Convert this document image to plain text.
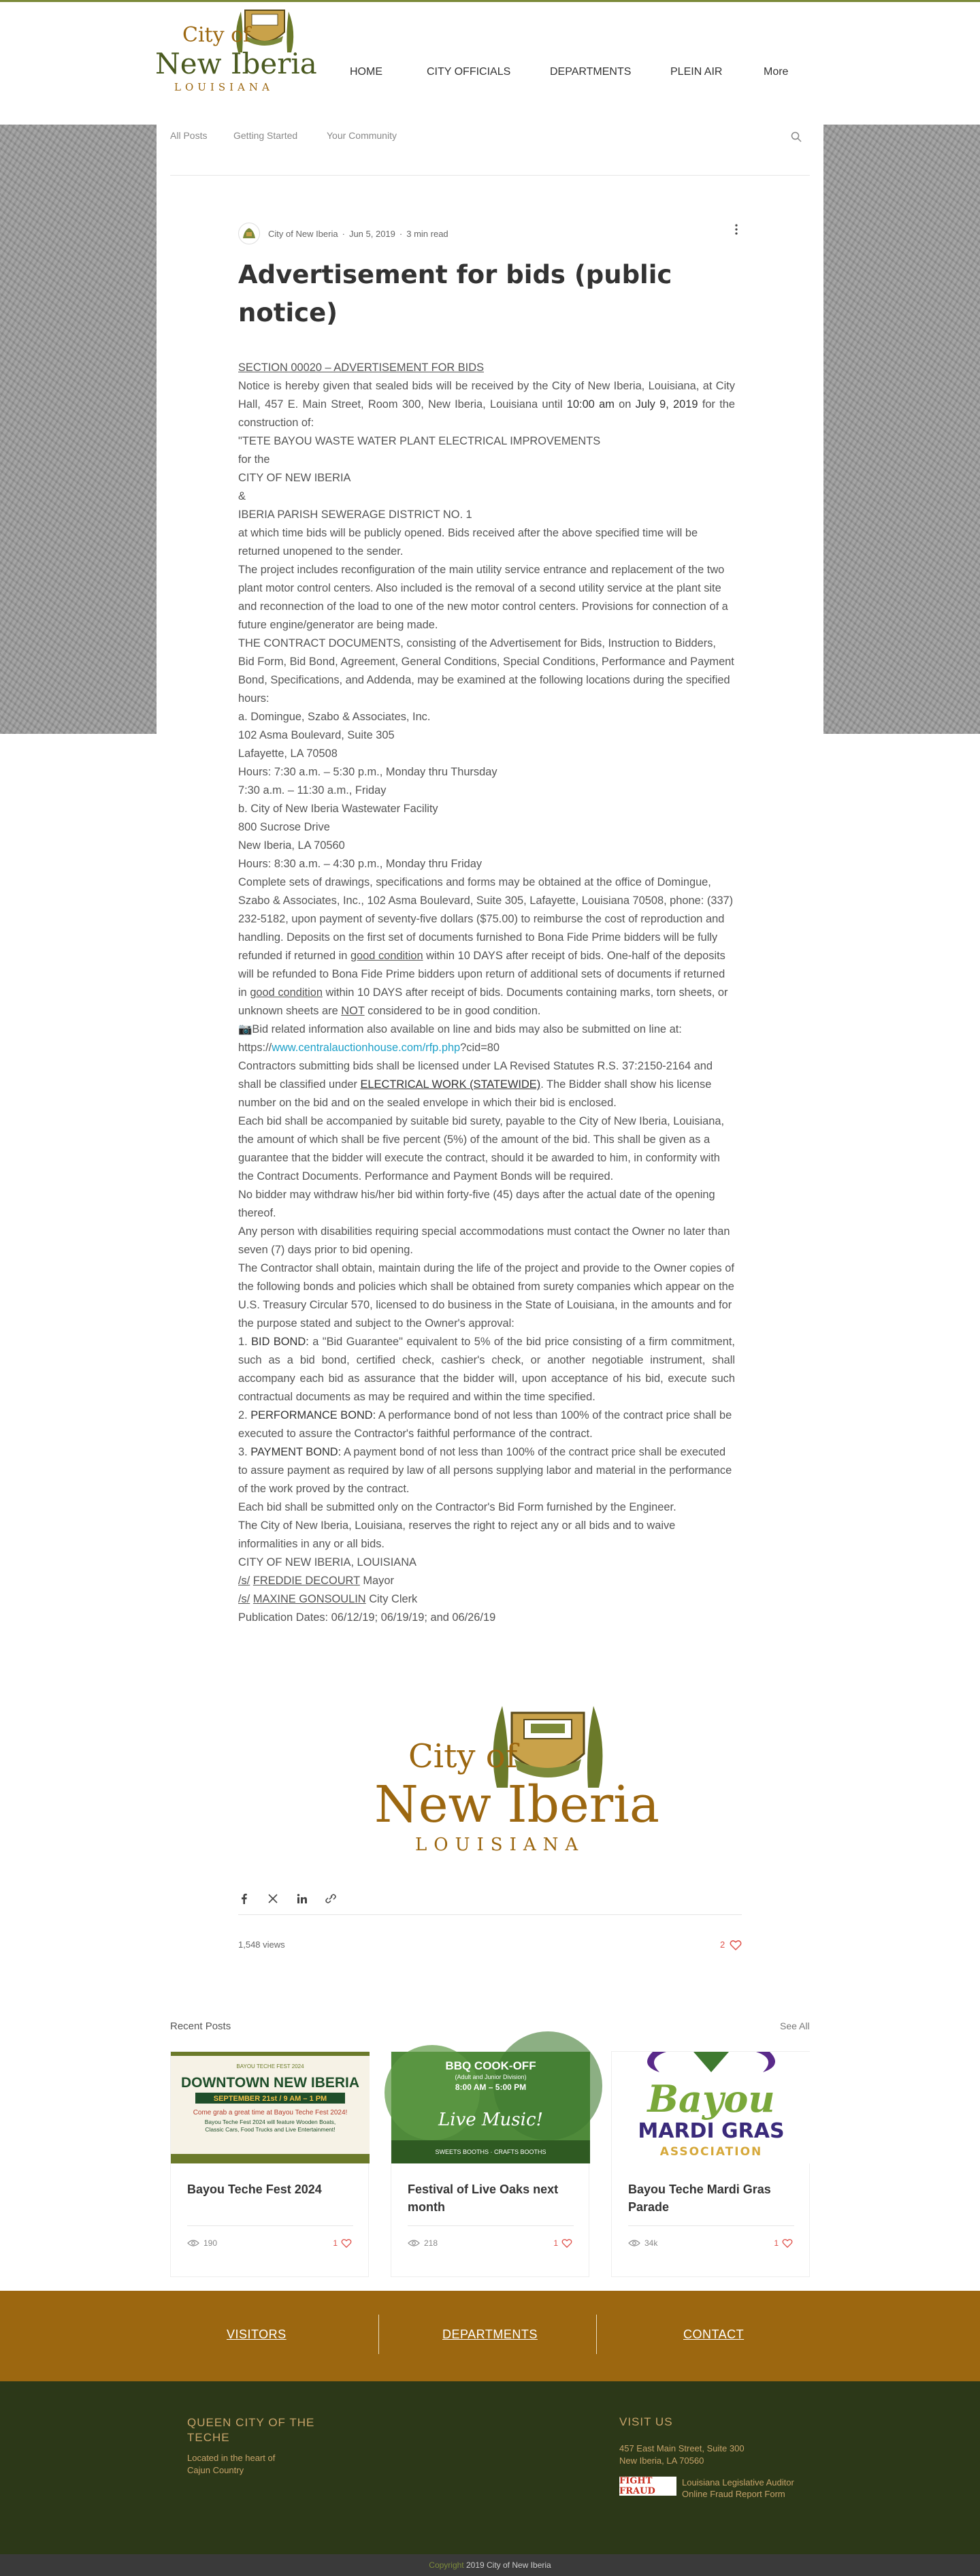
City of
New Iberia
LOUISIANA
HOME	CITY OFFICIALS	DEPARTMENTS	PLEIN AIR	More
All Posts	Getting Started	Your Community
City of New Iberia · Jun 5, 2019 · 3 min read
Advertisement for bids (public notice)

SECTION 00020 – ADVERTISEMENT FOR BIDS

Notice is hereby given that sealed bids will be received by the City of New Iberia, Louisiana, at City Hall, 457 E. Main Street, Room 300, New Iberia, Louisiana until 10:00 am on July 9, 2019 for the construction of:

"TETE BAYOU WASTE WATER PLANT ELECTRICAL IMPROVEMENTS

for the

CITY OF NEW IBERIA

&

IBERIA PARISH SEWERAGE DISTRICT NO. 1

at which time bids will be publicly opened. Bids received after the above specified time will be returned unopened to the sender.

The project includes reconfiguration of the main utility service entrance and replacement of the two plant motor control centers. Also included is the removal of a second utility service at the plant site and reconnection of the load to one of the new motor control centers. Provisions for connection of a future engine/generator are being made.

THE CONTRACT DOCUMENTS, consisting of the Advertisement for Bids, Instruction to Bidders, Bid Form, Bid Bond, Agreement, General Conditions, Special Conditions, Performance and Payment Bond, Specifications, and Addenda, may be examined at the following locations during the specified hours:

a. Domingue, Szabo & Associates, Inc.

102 Asma Boulevard, Suite 305

Lafayette, LA 70508

Hours: 7:30 a.m. – 5:30 p.m., Monday thru Thursday

7:30 a.m. – 11:30 a.m., Friday

b. City of New Iberia Wastewater Facility

800 Sucrose Drive

New Iberia, LA 70560

Hours: 8:30 a.m. – 4:30 p.m., Monday thru Friday

Complete sets of drawings, specifications and forms may be obtained at the office of Domingue, Szabo & Associates, Inc., 102 Asma Boulevard, Suite 305, Lafayette, Louisiana 70508, phone: (337) 232-5182, upon payment of seventy-five dollars ($75.00) to reimburse the cost of reproduction and handling. Deposits on the first set of documents furnished to Bona Fide Prime bidders will be fully refunded if returned in good condition within 10 DAYS after receipt of bids. One-half of the deposits will be refunded to Bona Fide Prime bidders upon return of additional sets of documents if returned in good condition within 10 DAYS after receipt of bids. Documents containing marks, torn sheets, or unknown sheets are NOT considered to be in good condition.

📷Bid related information also available on line and bids may also be submitted on line at:

https://www.centralauctionhouse.com/rfp.php?cid=80

Contractors submitting bids shall be licensed under LA Revised Statutes R.S. 37:2150-2164 and shall be classified under ELECTRICAL WORK (STATEWIDE). The Bidder shall show his license number on the bid and on the sealed envelope in which their bid is enclosed.

Each bid shall be accompanied by suitable bid surety, payable to the City of New Iberia, Louisiana, the amount of which shall be five percent (5%) of the amount of the bid. This shall be given as a guarantee that the bidder will execute the contract, should it be awarded to him, in conformity with the Contract Documents. Performance and Payment Bonds will be required.

No bidder may withdraw his/her bid within forty-five (45) days after the actual date of the opening thereof.

Any person with disabilities requiring special accommodations must contact the Owner no later than seven (7) days prior to bid opening.

The Contractor shall obtain, maintain during the life of the project and provide to the Owner copies of the following bonds and policies which shall be obtained from surety companies which appear on the U.S. Treasury Circular 570, licensed to do business in the State of Louisiana, in the amounts and for the purpose stated and subject to the Owner's approval:

1. BID BOND: a "Bid Guarantee" equivalent to 5% of the bid price consisting of a firm commitment, such as a bid bond, certified check, cashier's check, or another negotiable instrument, shall accompany each bid as assurance that the bidder will, upon acceptance of his bid, execute such contractual documents as may be required and within the time specified.

2. PERFORMANCE BOND: A performance bond of not less than 100% of the contract price shall be executed to assure the Contractor's faithful performance of the contract.

3. PAYMENT BOND: A payment bond of not less than 100% of the contract price shall be executed to assure payment as required by law of all persons supplying labor and material in the performance of the work proved by the contract.

Each bid shall be submitted only on the Contractor's Bid Form furnished by the Engineer.

The City of New Iberia, Louisiana, reserves the right to reject any or all bids and to waive informalities in any or all bids.

CITY OF NEW IBERIA, LOUISIANA

/s/ FREDDIE DECOURT Mayor

/s/ MAXINE GONSOULIN City Clerk

Publication Dates: 06/12/19; 06/19/19; and 06/26/19

City of
New Iberia
LOUISIANA
1,548 views	2
Recent Posts	See All
BAYOU TECHE FEST 2024
DOWNTOWN NEW IBERIA
SEPTEMBER 21st / 9 AM – 1 PM
Come grab a great time at Bayou Teche Fest 2024!
Bayou Teche Fest 2024 will feature Wooden Boats, Classic Cars, Food Trucks and Live Entertainment!
Bayou Teche Fest 2024
190	1
BBQ COOK-OFF
(Adult and Junior Division)
8:00 AM – 5:00 PM
Live Music!
SWEETS BOOTHS · CRAFTS BOOTHS
Festival of Live Oaks next month
218	1
Bayou
MARDI GRAS
ASSOCIATION
Bayou Teche Mardi Gras Parade
34k	1
VISITORS	DEPARTMENTS	CONTACT
QUEEN CITY OF THE TECHE
Located in the heart of Cajun Country
VISIT US
457 East Main Street, Suite 300
New Iberia, LA 70560
FIGHT FRAUD
Louisiana Legislative Auditor
Online Fraud Report Form
Copyright 2019 City of New Iberia
